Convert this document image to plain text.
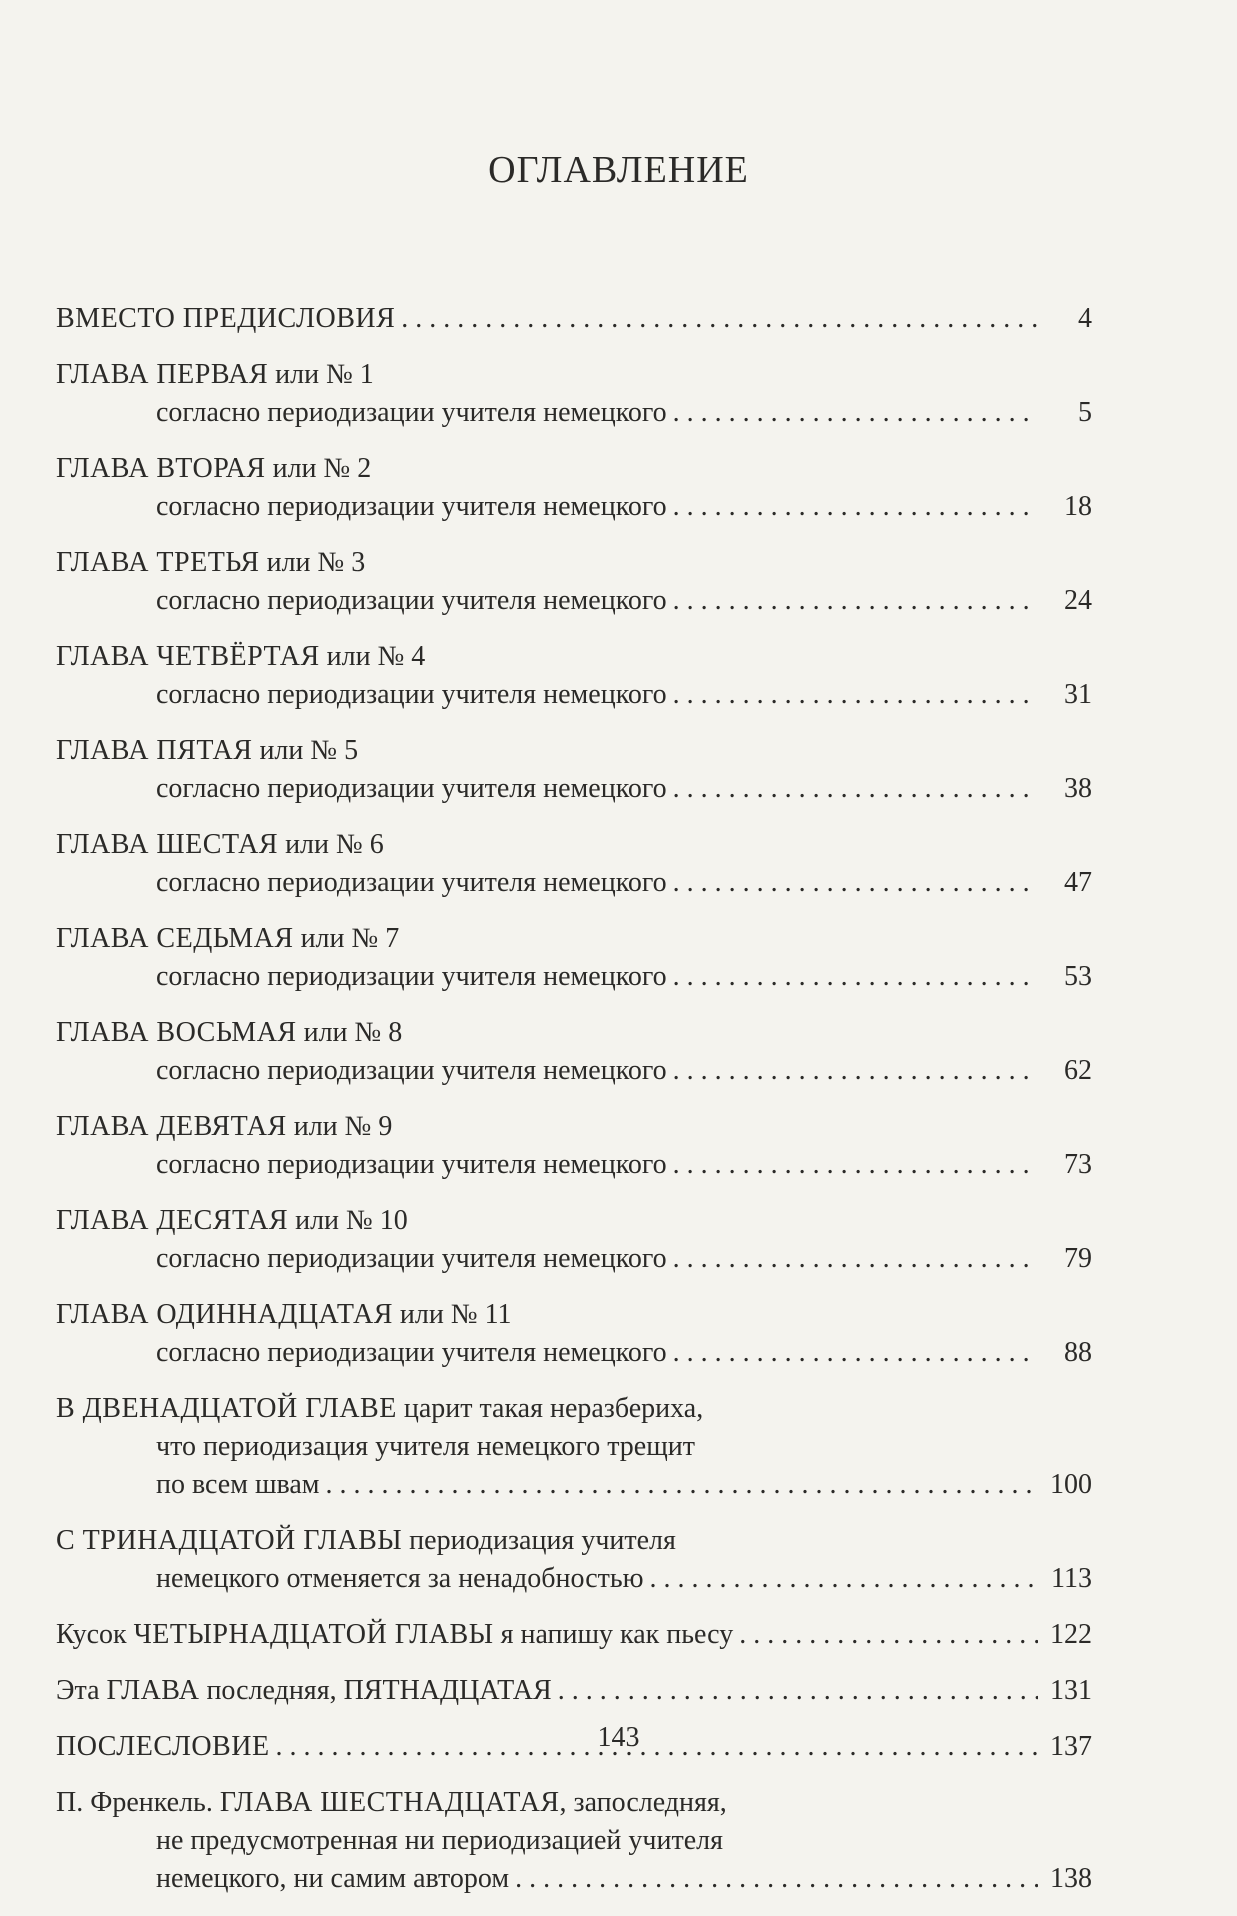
ОГЛАВЛЕНИЕ
ВМЕСТО ПРЕДИСЛОВИЯ . . .	4
ГЛАВА ПЕРВАЯ или № 1
согласно периодизации учителя немецкого . . .	5
ГЛАВА ВТОРАЯ или № 2
согласно периодизации учителя немецкого . . .	18
ГЛАВА ТРЕТЬЯ или № 3
согласно периодизации учителя немецкого . . .	24
ГЛАВА ЧЕТВЁРТАЯ или № 4
согласно периодизации учителя немецкого . . .	31
ГЛАВА ПЯТАЯ или № 5
согласно периодизации учителя немецкого . . .	38
ГЛАВА ШЕСТАЯ или № 6
согласно периодизации учителя немецкого . . .	47
ГЛАВА СЕДЬМАЯ или № 7
согласно периодизации учителя немецкого . . .	53
ГЛАВА ВОСЬМАЯ или № 8
согласно периодизации учителя немецкого . . .	62
ГЛАВА ДЕВЯТАЯ или № 9
согласно периодизации учителя немецкого . . .	73
ГЛАВА ДЕСЯТАЯ или № 10
согласно периодизации учителя немецкого . . .	79
ГЛАВА ОДИННАДЦАТАЯ или № 11
согласно периодизации учителя немецкого . . .	88
В ДВЕНАДЦАТОЙ ГЛАВЕ царит такая неразбериха,
что периодизация учителя немецкого трещит
по всем швам . . .	100
С ТРИНАДЦАТОЙ ГЛАВЫ периодизация учителя
немецкого отменяется за ненадобностью . . .	113
Кусок ЧЕТЫРНАДЦАТОЙ ГЛАВЫ я напишу как пьесу . . .	122
Эта ГЛАВА последняя, ПЯТНАДЦАТАЯ . . .	131
ПОСЛЕСЛОВИЕ . . .	137
П. Френкель. ГЛАВА ШЕСТНАДЦАТАЯ, запоследняя,
не предусмотренная ни периодизацией учителя
немецкого, ни самим автором . . .	138
143
